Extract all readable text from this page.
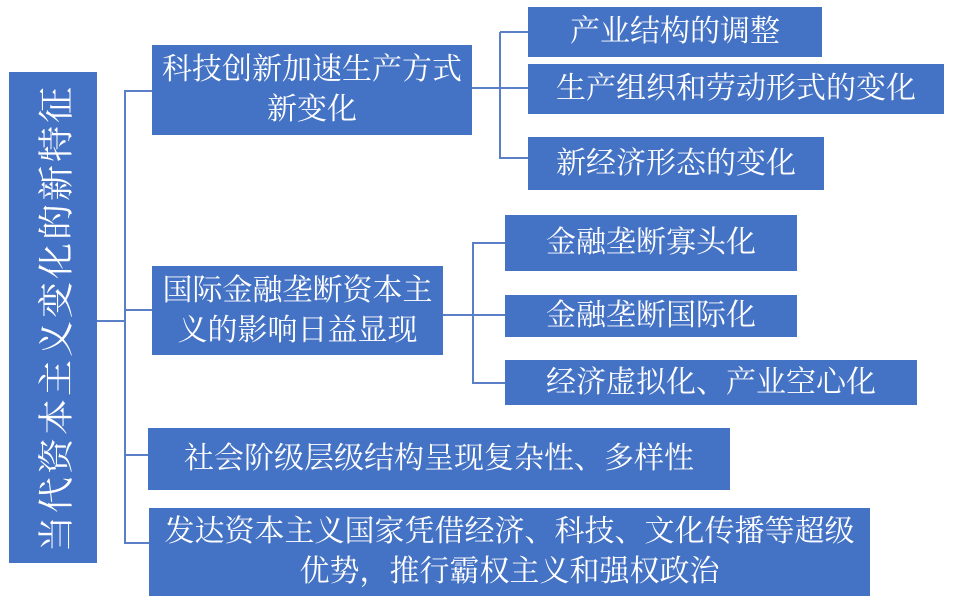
当代资本主义变化的新特征
科技创新加速生产方式
新变化
产业结构的调整
生产组织和劳动形式的变化
新经济形态的变化
国际金融垄断资本主
义的影响日益显现
金融垄断寡头化
金融垄断国际化
经济虚拟化、产业空心化
社会阶级层级结构呈现复杂性、多样性
发达资本主义国家凭借经济、科技、文化传播等超级
优势，推行霸权主义和强权政治
